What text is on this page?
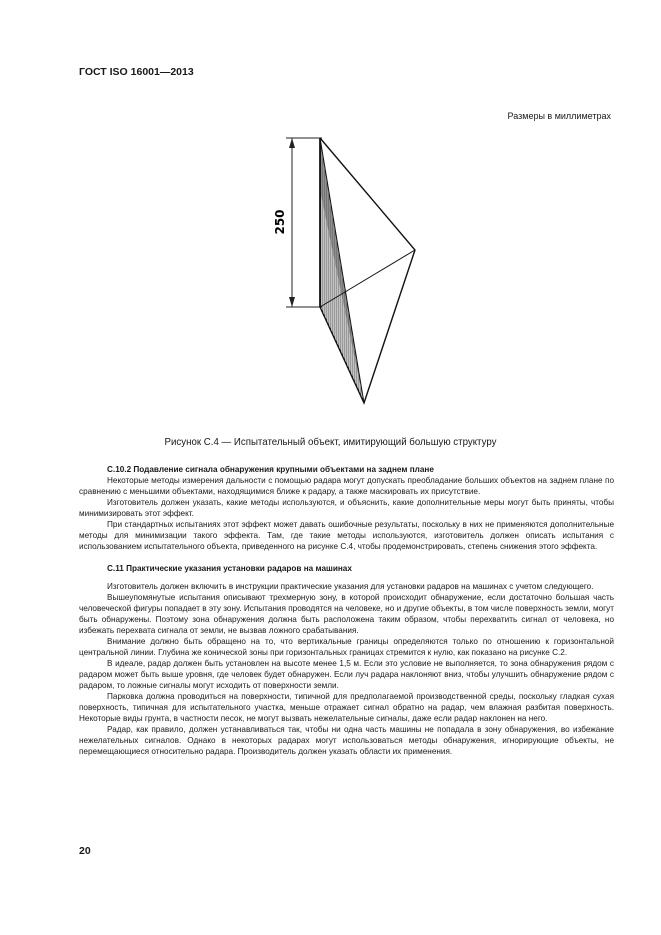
ГОСТ ISO 16001—2013
Размеры в миллиметрах
250
Рисунок С.4 — Испытательный объект, имитирующий большую структуру
С.10.2 Подавление сигнала обнаружения крупными объектами на заднем плане

Некоторые методы измерения дальности с помощью радара могут допускать преобладание больших объектов на заднем плане по сравнению с меньшими объектами, находящимися ближе к радару, а также маскировать их присутствие.

Изготовитель должен указать, какие методы используются, и объяснить, какие дополнительные меры могут быть приняты, чтобы минимизировать этот эффект.

При стандартных испытаниях этот эффект может давать ошибочные результаты, поскольку в них не применяются дополнительные методы для минимизации такого эффекта. Там, где такие методы используются, изготовитель должен описать испытания с использованием испытательного объекта, приведенного на рисунке С.4, чтобы продемонстрировать, степень снижения этого эффекта.

С.11 Практические указания установки радаров на машинах

Изготовитель должен включить в инструкции практические указания для установки радаров на машинах с учетом следующего.

Вышеупомянутые испытания описывают трехмерную зону, в которой происходит обнаружение, если достаточно большая часть человеческой фигуры попадает в эту зону. Испытания проводятся на человеке, но и другие объекты, в том числе поверхность земли, могут быть обнаружены. Поэтому зона обнаружения должна быть расположена таким образом, чтобы перехватить сигнал от человека, но избежать перехвата сигнала от земли, не вызвав ложного срабатывания.

Внимание должно быть обращено на то, что вертикальные границы определяются только по отношению к горизонтальной центральной линии. Глубина же конической зоны при горизонтальных границах стремится к нулю, как показано на рисунке С.2.

В идеале, радар должен быть установлен на высоте менее 1,5 м. Если это условие не выполняется, то зона обнаружения рядом с радаром может быть выше уровня, где человек будет обнаружен. Если луч радара наклоняют вниз, чтобы улучшить обнаружение рядом с радаром, то ложные сигналы могут исходить от поверхности земли.

Парковка должна проводиться на поверхности, типичной для предполагаемой производственной среды, поскольку гладкая сухая поверхность, типичная для испытательного участка, меньше отражает сигнал обратно на радар, чем влажная разбитая поверхность. Некоторые виды грунта, в частности песок, не могут вызвать нежелательные сигналы, даже если радар наклонен на него.

Радар, как правило, должен устанавливаться так, чтобы ни одна часть машины не попадала в зону обнаружения, во избежание нежелательных сигналов. Однако в некоторых радарах могут использоваться методы обнаружения, игнорирующие объекты, не перемещающиеся относительно радара. Производитель должен указать области их применения.

20
